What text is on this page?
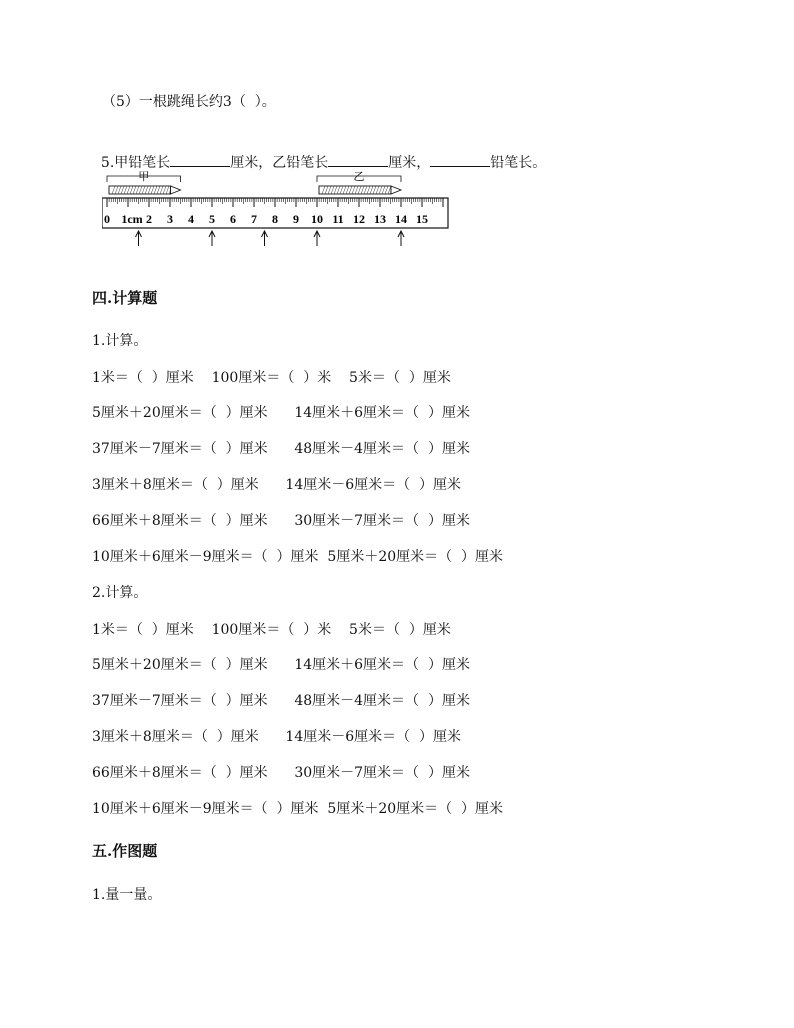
（5）一根跳绳长约3（  ）。

5.甲铅笔长	厘米，乙铅笔长	厘米，	铅笔长。

甲	乙
0 1cm 2 3 4 5 6 7 8 9 10 11 12 13 14 15
四.计算题
1.计算。
1米＝（  ）厘米    100厘米＝（  ）米    5米＝（  ）厘米
5厘米＋20厘米＝（  ）厘米      14厘米＋6厘米＝（  ）厘米
37厘米－7厘米＝（  ）厘米      48厘米－4厘米＝（  ）厘米
3厘米＋8厘米＝（  ）厘米      14厘米－6厘米＝（  ）厘米
66厘米＋8厘米＝（  ）厘米      30厘米－7厘米＝（  ）厘米
10厘米＋6厘米－9厘米＝（  ）厘米  5厘米＋20厘米＝（  ）厘米
2.计算。
1米＝（  ）厘米    100厘米＝（  ）米    5米＝（  ）厘米
5厘米＋20厘米＝（  ）厘米      14厘米＋6厘米＝（  ）厘米
37厘米－7厘米＝（  ）厘米      48厘米－4厘米＝（  ）厘米
3厘米＋8厘米＝（  ）厘米      14厘米－6厘米＝（  ）厘米
66厘米＋8厘米＝（  ）厘米      30厘米－7厘米＝（  ）厘米
10厘米＋6厘米－9厘米＝（  ）厘米  5厘米＋20厘米＝（  ）厘米
五.作图题
1.量一量。
